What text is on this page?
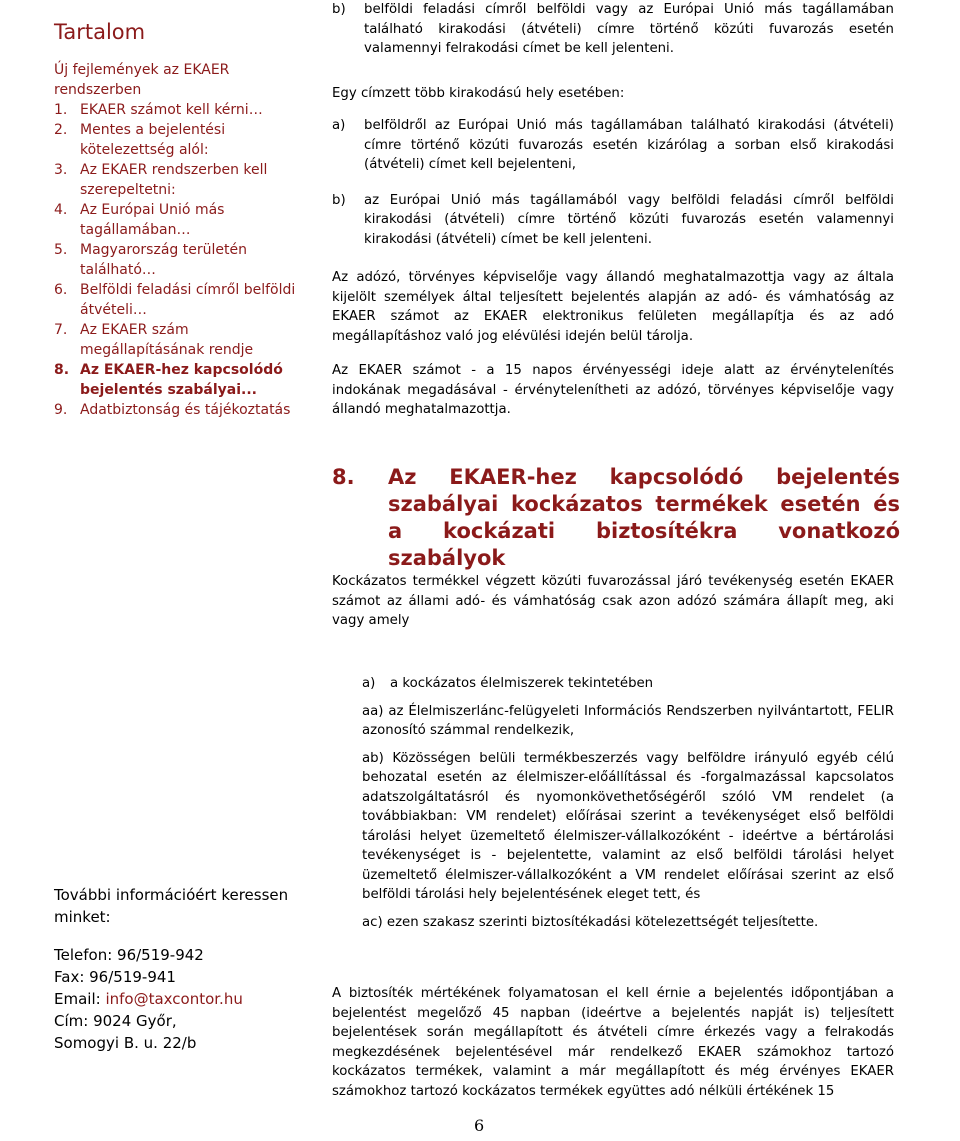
Tartalom
Új fejlemények az EKAER rendszerben
1. EKAER számot kell kérni…
2. Mentes a bejelentési kötelezettség alól:
3. Az EKAER rendszerben kell szerepeltetni:
4. Az Európai Unió más tagállamában…
5. Magyarország területén található…
6. Belföldi feladási címről belföldi átvételi…
7. Az EKAER szám megállapításának rendje
8. Az EKAER-hez kapcsolódó bejelentés szabályai...
9. Adatbiztonság és tájékoztatás
További információért keressen minket:
Telefon: 96/519-942
Fax: 96/519-941
Email: info@taxcontor.hu
Cím: 9024 Győr,
Somogyi B. u. 22/b
b)	belföldi feladási címről belföldi vagy az Európai Unió más tagállamában található kirakodási (átvételi) címre történő közúti fuvarozás esetén valamennyi felrakodási címet be kell jelenteni.
Egy címzett több kirakodású hely esetében:
a)	belföldről az Európai Unió más tagállamában található kirakodási (átvételi) címre történő közúti fuvarozás esetén kizárólag a sorban első kirakodási (átvételi) címet kell bejelenteni,
b)	az Európai Unió más tagállamából vagy belföldi feladási címről belföldi kirakodási (átvételi) címre történő közúti fuvarozás esetén valamennyi kirakodási (átvételi) címet be kell jelenteni.
Az adózó, törvényes képviselője vagy állandó meghatalmazottja vagy az általa kijelölt személyek által teljesített bejelentés alapján az adó- és vámhatóság az EKAER számot az EKAER elektronikus felületen megállapítja és az adó megállapításhoz való jog elévülési idején belül tárolja.
Az EKAER számot - a 15 napos érvényességi ideje alatt az érvénytelenítés indokának megadásával - érvénytelenítheti az adózó, törvényes képviselője vagy állandó meghatalmazottja.
8. Az EKAER-hez kapcsolódó bejelentés szabályai kockázatos termékek esetén és a kockázati biztosítékra vonatkozó szabályok
Kockázatos termékkel végzett közúti fuvarozással járó tevékenység esetén EKAER számot az állami adó- és vámhatóság csak azon adózó számára állapít meg, aki vagy amely
a)	a kockázatos élelmiszerek tekintetében
aa) az Élelmiszerlánc-felügyeleti Információs Rendszerben nyilvántartott, FELIR azonosító számmal rendelkezik,
ab) Közösségen belüli termékbeszerzés vagy belföldre irányuló egyéb célú behozatal esetén az élelmiszer-előállítással és -forgalmazással kapcsolatos adatszolgáltatásról és nyomonkövethetőségéről szóló VM rendelet (a továbbiakban: VM rendelet) előírásai szerint a tevékenységet első belföldi tárolási helyet üzemeltető élelmiszer-vállalkozóként - ideértve a bértárolási tevékenységet is - bejelentette, valamint az első belföldi tárolási helyet üzemeltető élelmiszer-vállalkozóként a VM rendelet előírásai szerint az első belföldi tárolási hely bejelentésének eleget tett, és
ac) ezen szakasz szerinti biztosítékadási kötelezettségét teljesítette.
A biztosíték mértékének folyamatosan el kell érnie a bejelentés időpontjában a bejelentést megelőző 45 napban (ideértve a bejelentés napját is) teljesített bejelentések során megállapított és átvételi címre érkezés vagy a felrakodás megkezdésének bejelentésével már rendelkező EKAER számokhoz tartozó kockázatos termékek, valamint a már megállapított és még érvényes EKAER számokhoz tartozó kockázatos termékek együttes adó nélküli értékének 15
6
